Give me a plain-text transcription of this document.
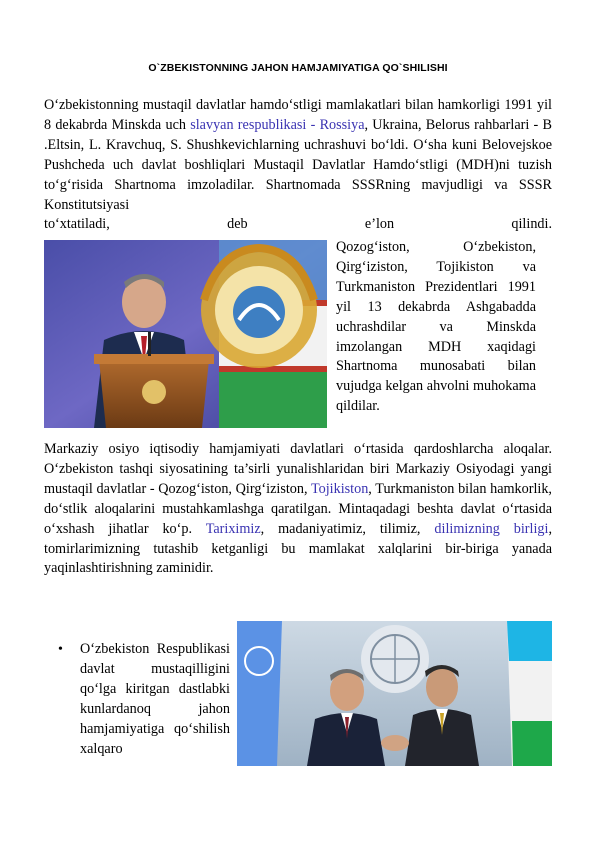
O`ZBEKISTONNING JAHON HAMJAMIYATIGA QO`SHILISHI

O‘zbekistonning mustaqil davlatlar hamdo‘stligi mamlakatlari bilan hamkorligi 1991 yil 8 dekabrda Minskda uch slavyan respublikasi - Rossiya, Ukraina, Belorus rahbarlari - B .Eltsin, L. Kravchuq, S. Shushkevichlarning uchrashuvi bo‘ldi. O‘sha kuni Belovejskoe Pushcheda uch davlat boshliqlari Mustaqil Davlatlar Hamdo‘stligi (MDH)ni tuzish to‘g‘risida Shartnoma imzoladilar. Shartnomada SSSRning mavjudligi va SSSR Konstitutsiyasi
to‘xtatiladi, deb e’lon qilindi.

Qozog‘iston, O‘zbekiston, Qirg‘iziston, Tojikiston va Turkmaniston Prezidentlari 1991 yil 13 dekabrda Ashgabadda uchrashdilar va Minskda imzolangan MDH xaqidagi Shartnoma munosabati bilan vujudga kelgan ahvolni muhokama qildilar.

Markaziy osiyo iqtisodiy hamjamiyati davlatlari o‘rtasida qardoshlarcha aloqalar. O‘zbekiston tashqi siyosatining ta’sirli yunalishlaridan biri Markaziy Osiyodagi yangi mustaqil davlatlar - Qozog‘iston, Qirg‘iziston, Tojikiston, Turkmaniston bilan hamkorlik, do‘stlik aloqalarini mustahkamlashga qaratilgan. Mintaqadagi beshta davlat o‘rtasida o‘xshash jihatlar ko‘p. Tariximiz, madaniyatimiz, tilimiz, dilimizning birligi, tomirlarimizning tutashib ketganligi bu mamlakat xalqlarini bir-biriga yanada yaqinlashtirishning zaminidir.

•	O‘zbekiston Respublikasi davlat mustaqilligini qo‘lga kiritgan dastlabki kunlardanoq jahon hamjamiyatiga qo‘shilish xalqaro
